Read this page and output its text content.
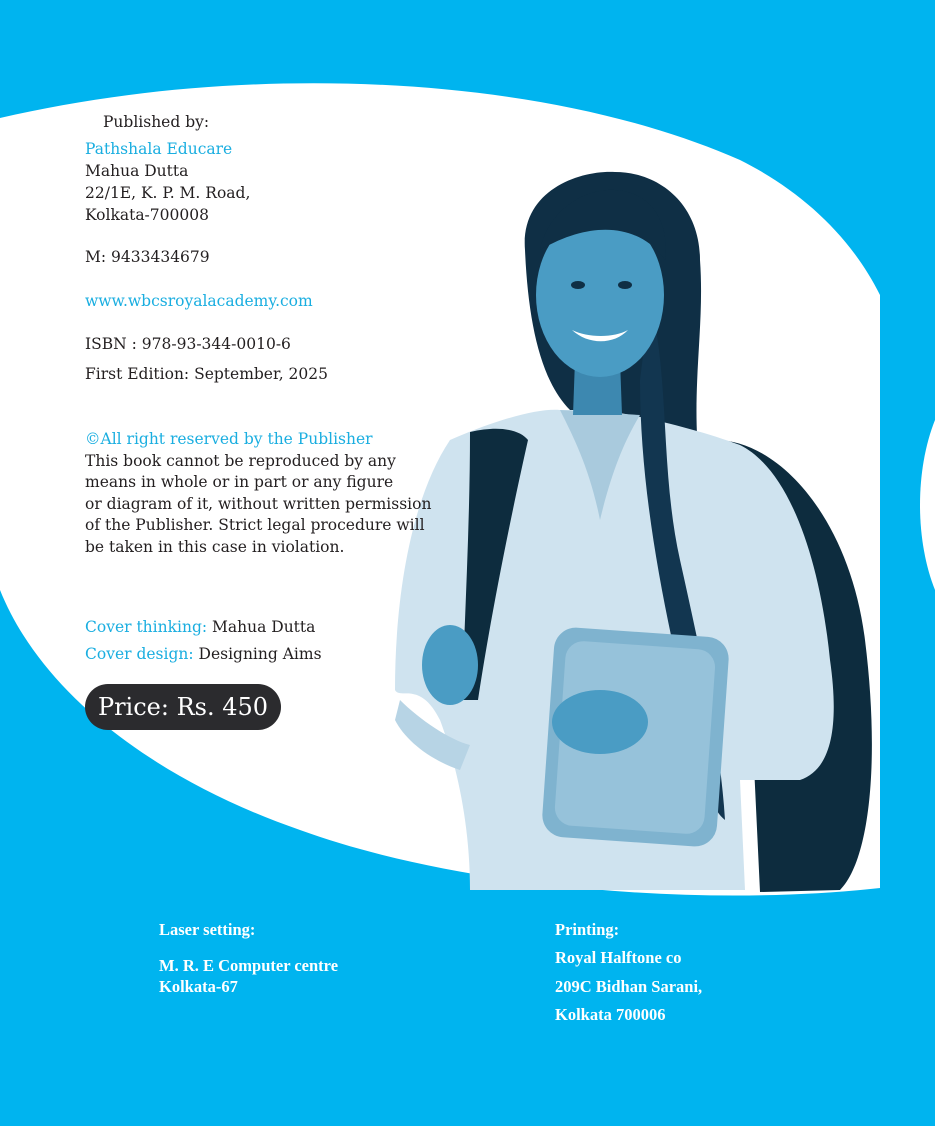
Published by:
Pathshala Educare
Mahua Dutta
22/1E, K. P. M. Road,
Kolkata-700008
M: 9433434679
www.wbcsroyalacademy.com
ISBN : 978-93-344-0010-6
First Edition: September, 2025
©All right reserved by the Publisher
This book cannot be reproduced by any
means in whole or in part or any figure
or diagram of it, without written permission
of the Publisher. Strict legal procedure will
be taken in this case in violation.
Cover thinking: Mahua Dutta
Cover design: Designing Aims
Price: Rs. 450
Laser setting:
M. R. E Computer centre
Kolkata-67
Printing:
Royal Halftone co
209C Bidhan Sarani,
Kolkata 700006
